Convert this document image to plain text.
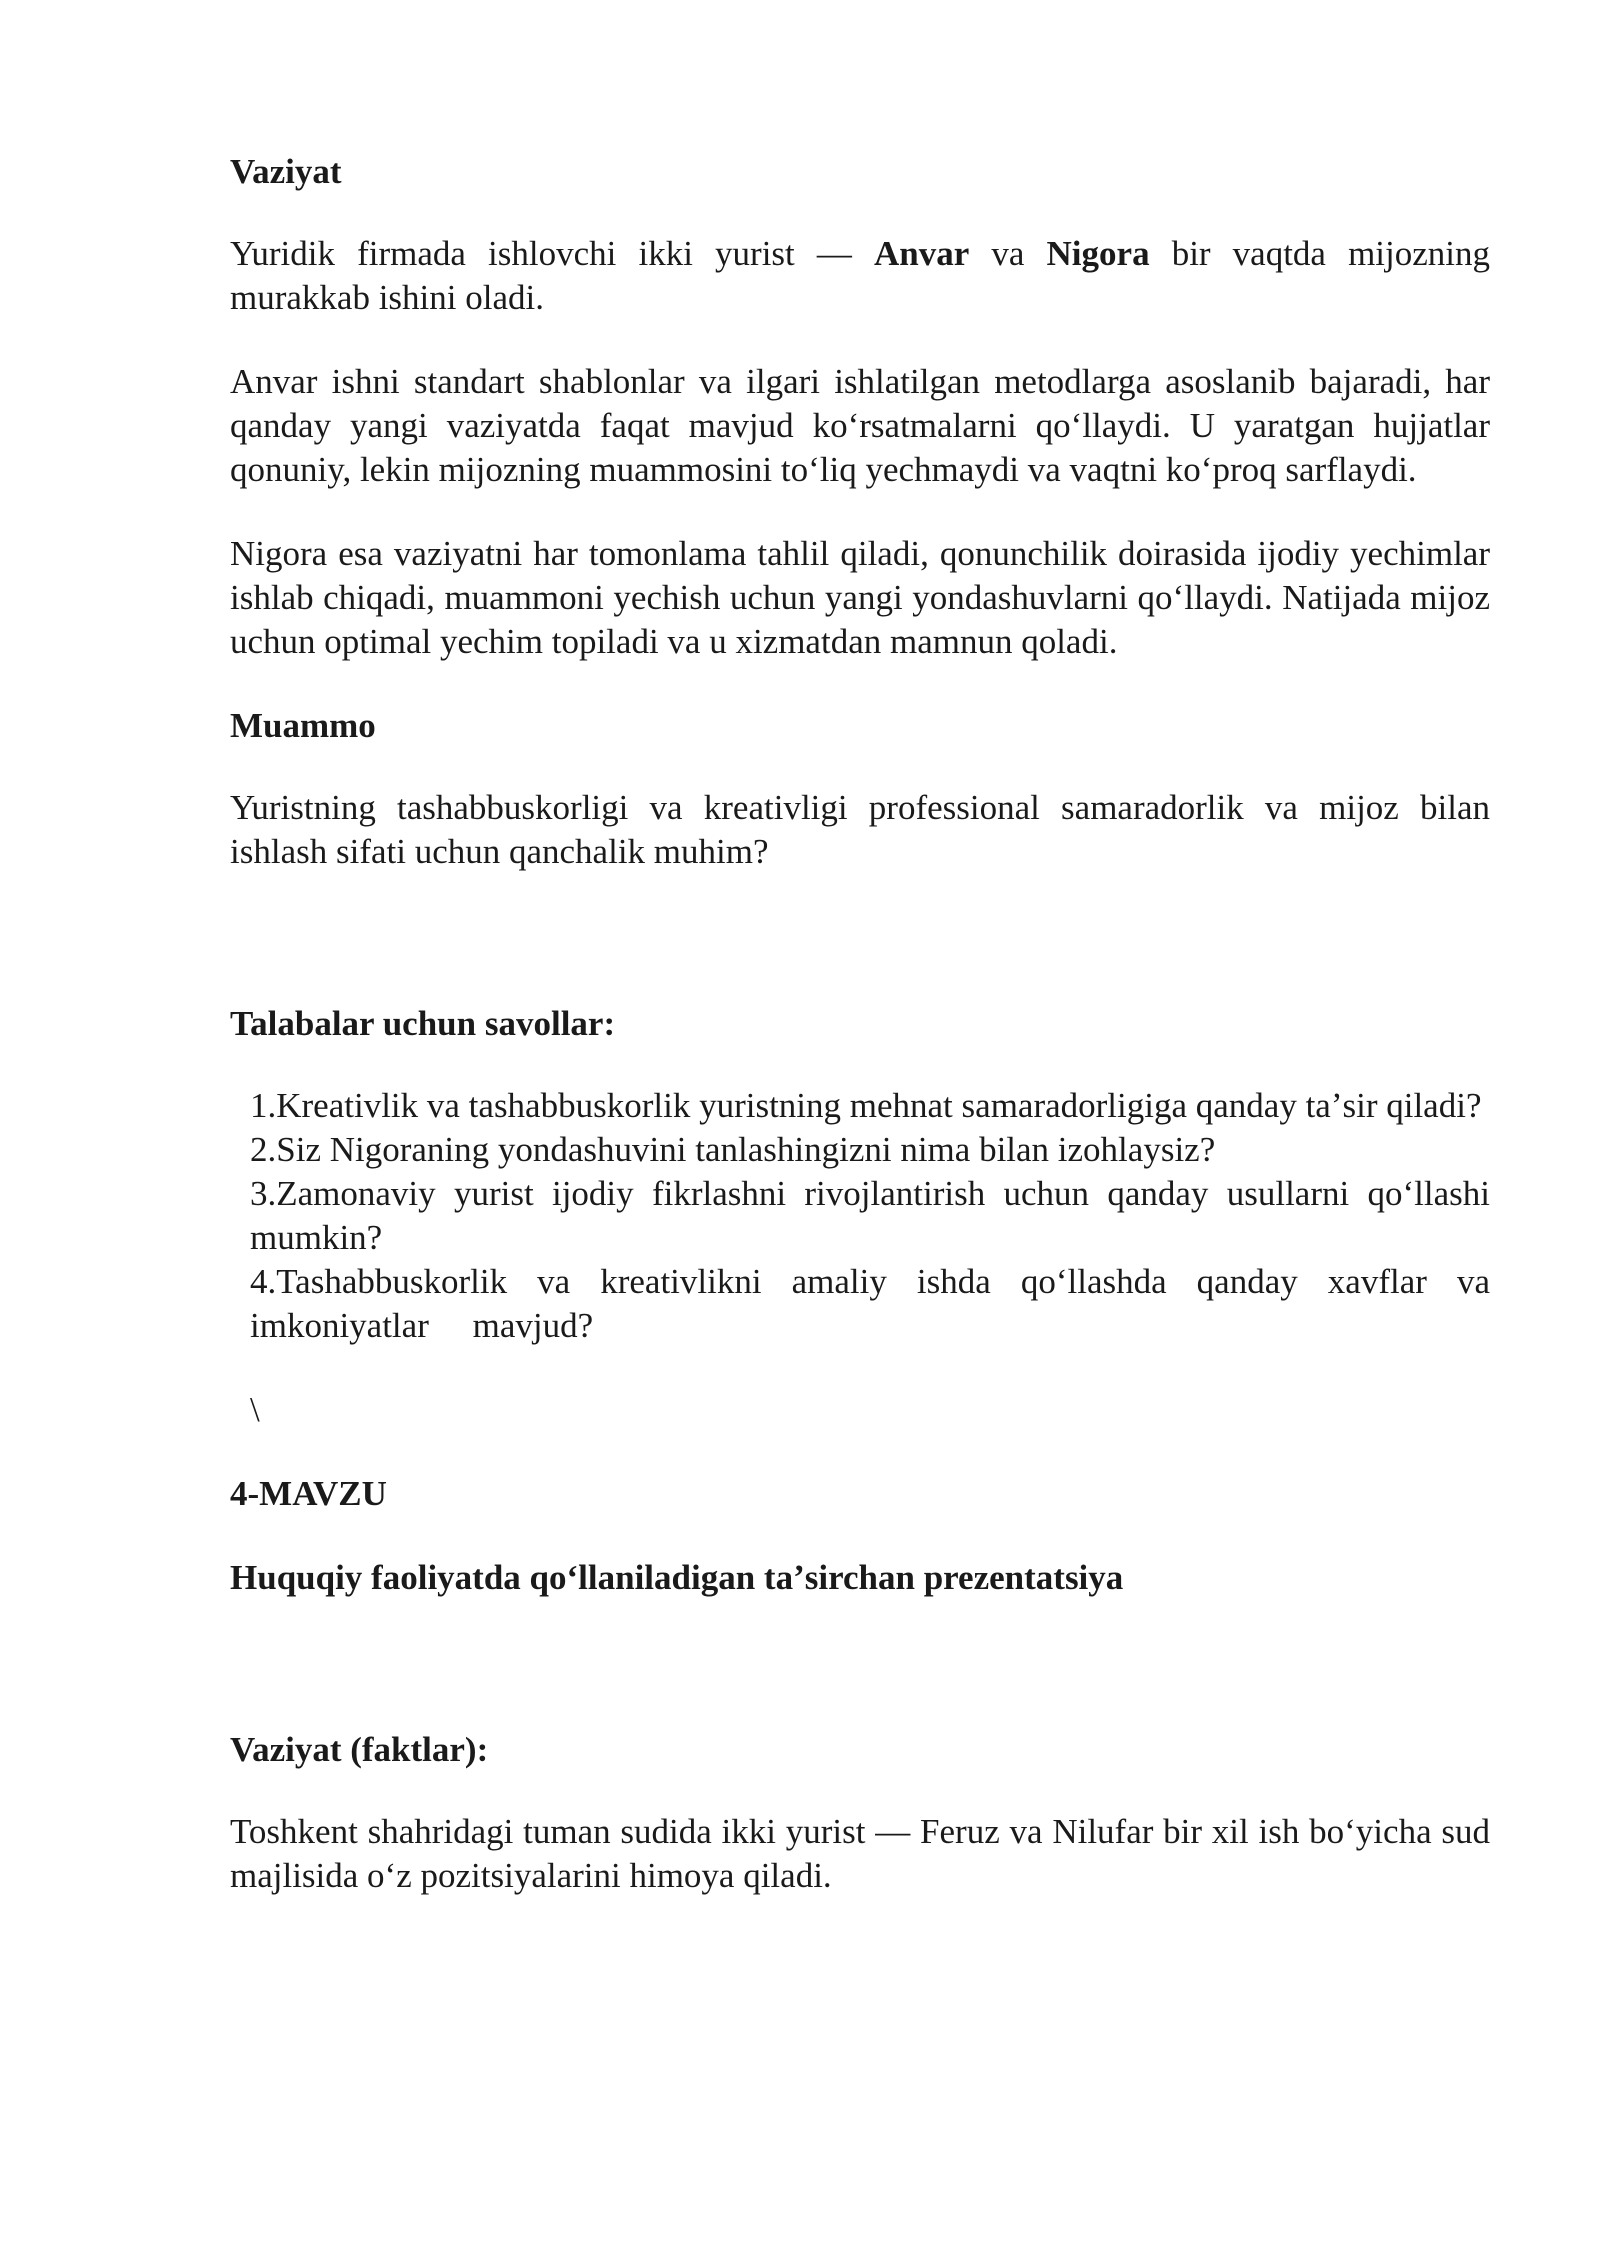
Vaziyat

Yuridik firmada ishlovchi ikki yurist — Anvar va Nigora bir vaqtda mijozning murakkab ishini oladi.

Anvar ishni standart shablonlar va ilgari ishlatilgan metodlarga asoslanib bajaradi, har qanday yangi vaziyatda faqat mavjud koʻrsatmalarni qoʻllaydi. U yaratgan hujjatlar qonuniy, lekin mijozning muammosini toʻliq yechmaydi va vaqtni koʻproq sarflaydi.

Nigora esa vaziyatni har tomonlama tahlil qiladi, qonunchilik doirasida ijodiy yechimlar ishlab chiqadi, muammoni yechish uchun yangi yondashuvlarni qoʻllaydi. Natijada mijoz uchun optimal yechim topiladi va u xizmatdan mamnun qoladi.

Muammo

Yuristning tashabbuskorligi va kreativligi professional samaradorlik va mijoz bilan ishlash sifati uchun qanchalik muhim?

Talabalar uchun savollar:

1.Kreativlik va tashabbuskorlik yuristning mehnat samaradorligiga qanday taʼsir qiladi?

2.Siz Nigoraning yondashuvini tanlashingizni nima bilan izohlaysiz?

3.Zamonaviy yurist ijodiy fikrlashni rivojlantirish uchun qanday usullarni qoʻllashi mumkin?

4.Tashabbuskorlik va kreativlikni amaliy ishda qoʻllashda qanday xavflar va imkoniyatlar     mavjud?

\

4-MAVZU

Huquqiy faoliyatda qoʻllaniladigan taʼsirchan prezentatsiya

Vaziyat (faktlar):

Toshkent shahridagi tuman sudida ikki yurist — Feruz va Nilufar bir xil ish boʻyicha sud majlisida oʻz pozitsiyalarini himoya qiladi.
